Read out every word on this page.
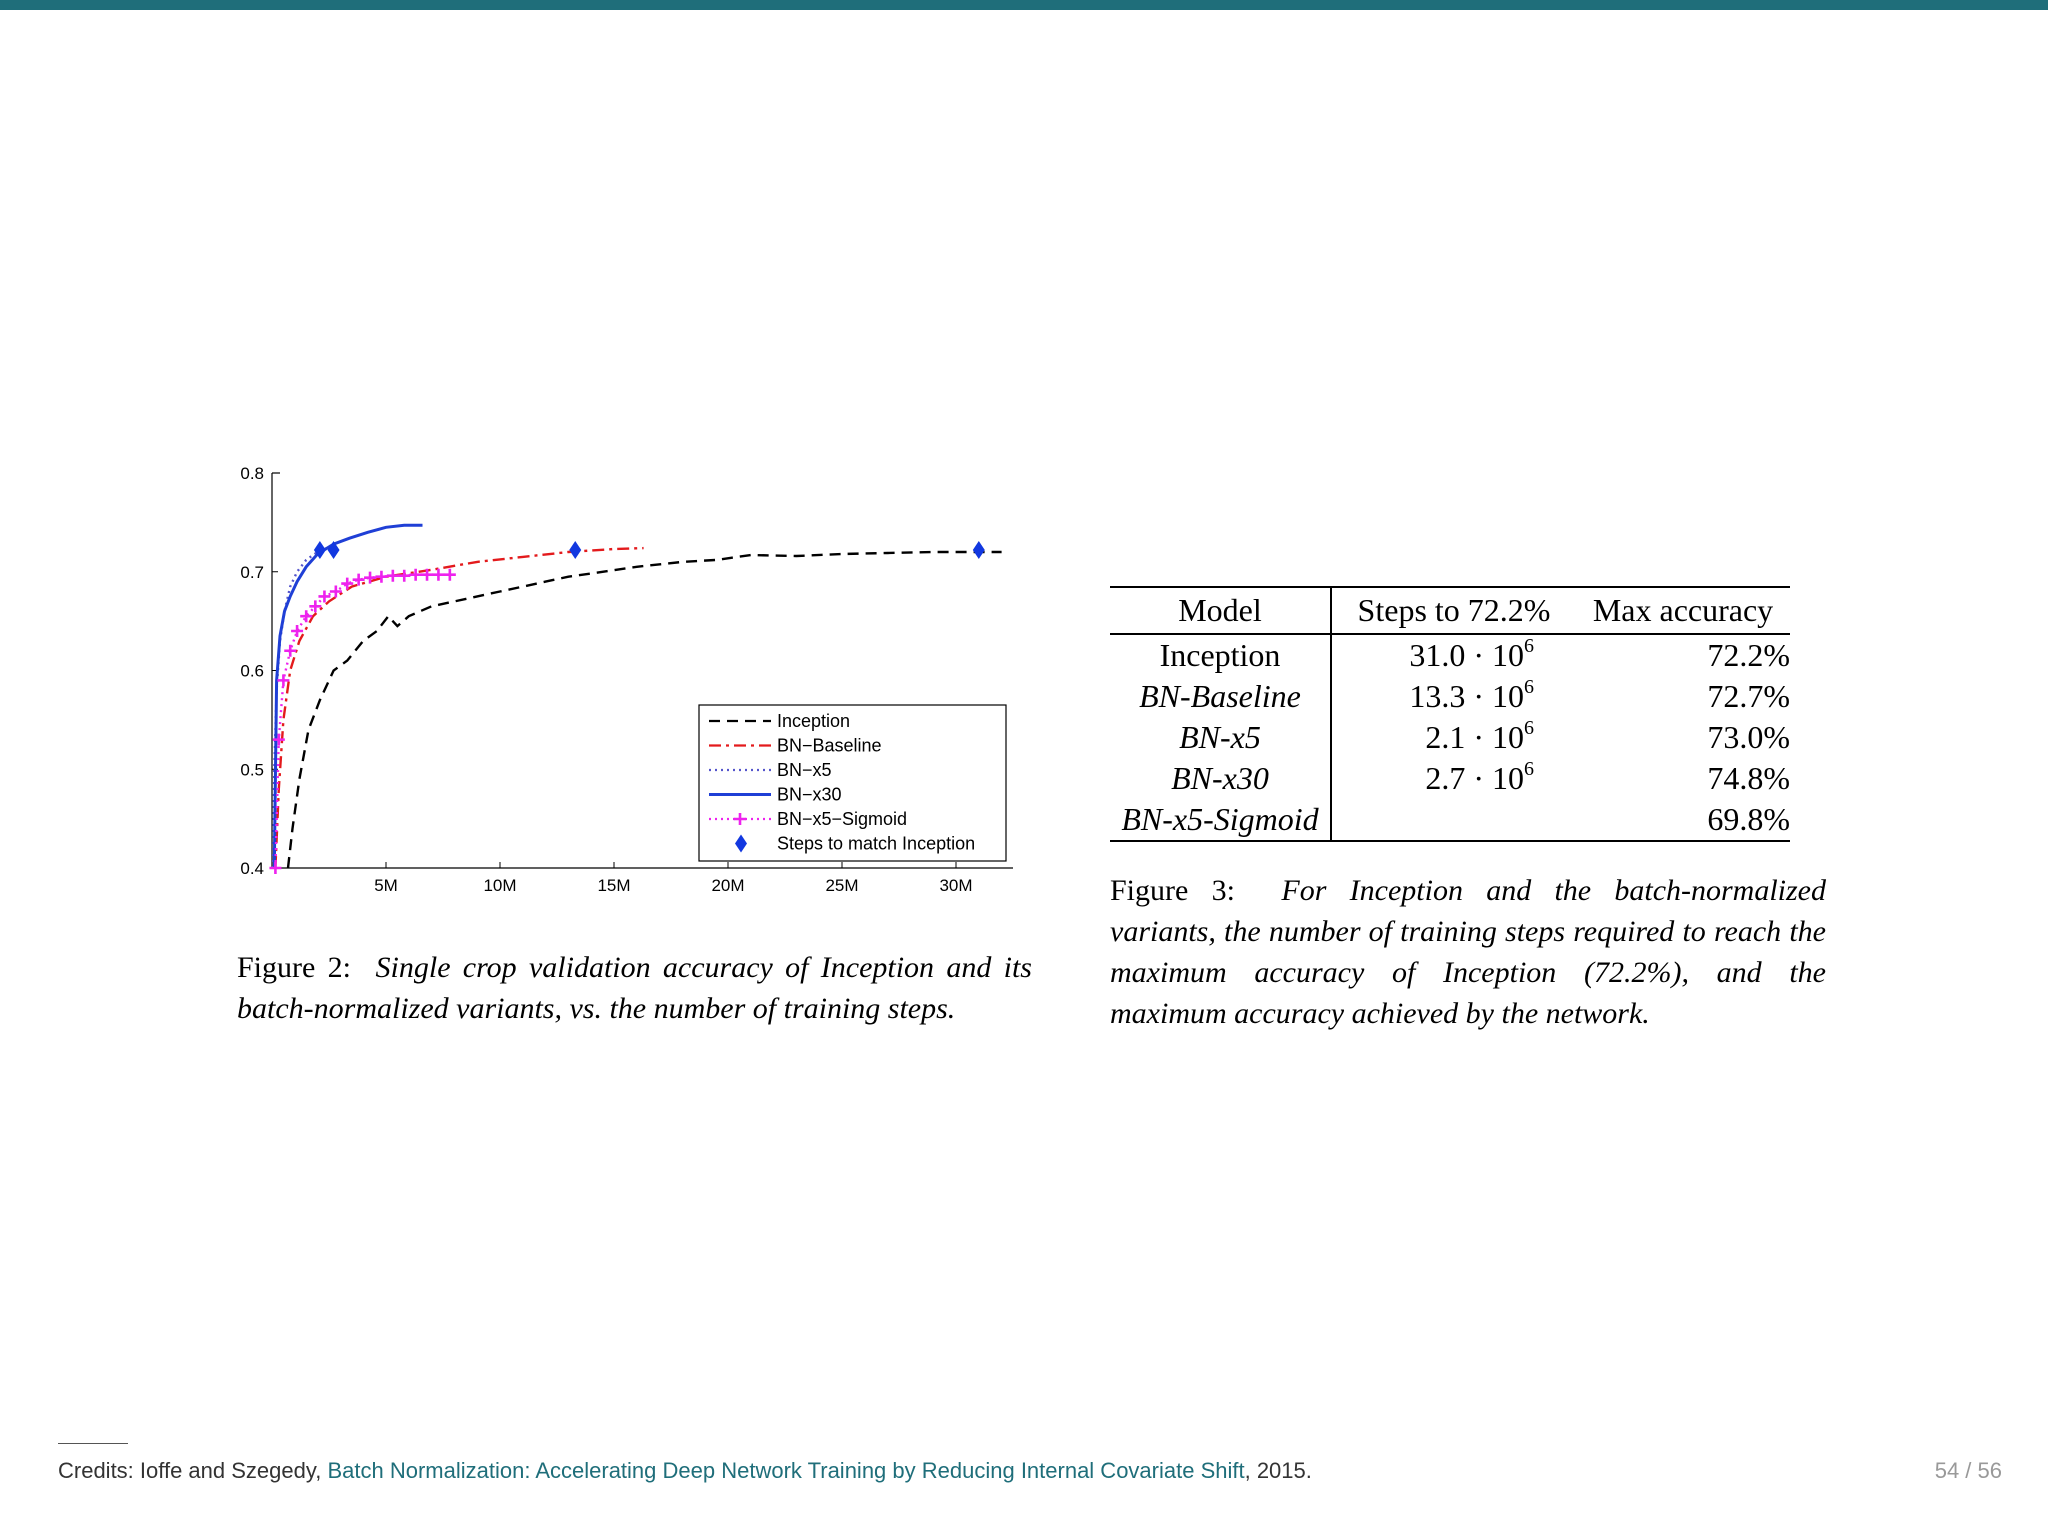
0.4
0.5
0.6
0.7
0.8
5M	10M	15M	20M	25M	30M
Inception
BN−Baseline
BN−x5
BN−x30
BN−x5−Sigmoid
Steps to match Inception
Figure 2: Single crop validation accuracy of Inception and its batch-normalized variants, vs. the number of training steps.
Model	Steps to 72.2%	Max accuracy
Inception	$31.0 \cdot 10^6$	72.2%
BN-Baseline	$13.3 \cdot 10^6$	72.7%
BN-x5	$2.1 \cdot 10^6$	73.0%
BN-x30	$2.7 \cdot 10^6$	74.8%
BN-x5-Sigmoid		69.8%
Figure 3: For Inception and the batch-normalized variants, the number of training steps required to reach the maximum accuracy of Inception (72.2%), and the maximum accuracy achieved by the network.
Credits: Ioffe and Szegedy, Batch Normalization: Accelerating Deep Network Training by Reducing Internal Covariate Shift, 2015.	54 / 56
